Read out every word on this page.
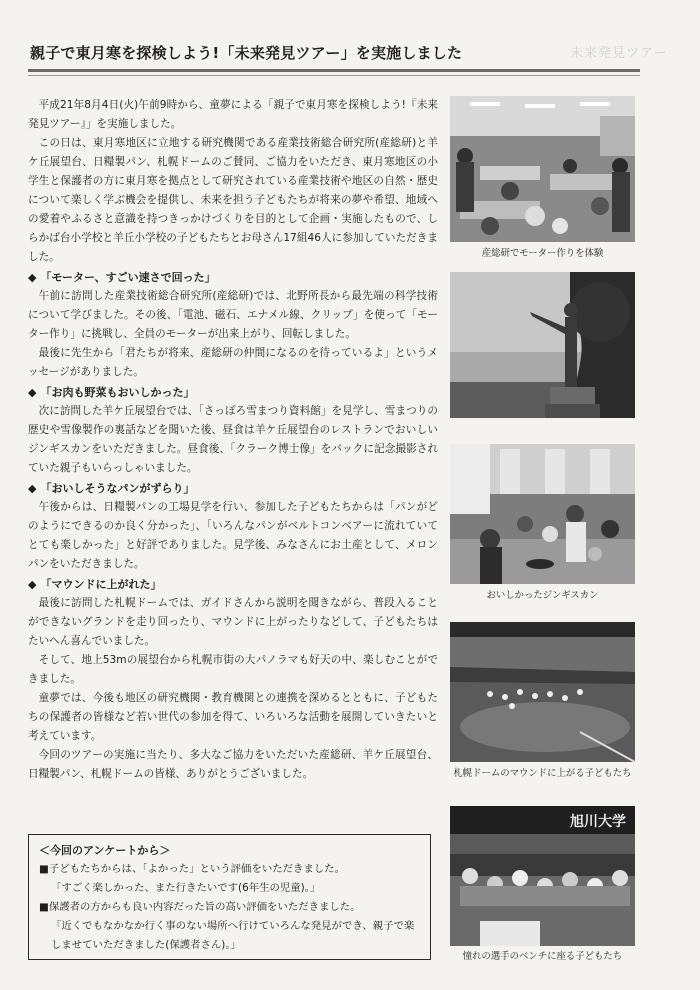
親子で東月寒を探検しよう!「未来発見ツアー」を実施しました	未来発見ツアー

平成21年8月4日(火)午前9時から、童夢による「親子で東月寒を探検しよう!『未来発見ツアー』」を実施しました。

この日は、東月寒地区に立地する研究機関である産業技術総合研究所(産総研)と羊ケ丘展望台、日糧製パン、札幌ドームのご賛同、ご協力をいただき、東月寒地区の小学生と保護者の方に東月寒を拠点として研究されている産業技術や地区の自然・歴史について楽しく学ぶ機会を提供し、未来を担う子どもたちが将来の夢や希望、地域への愛着やふるさと意識を持つきっかけづくりを目的として企画・実施したもので、しらかば台小学校と羊丘小学校の子どもたちとお母さん17組46人に参加していただきました。

◆ 「モーター、すごい速さで回った」

午前に訪問した産業技術総合研究所(産総研)では、北野所長から最先端の科学技術について学びました。その後、「電池、磁石、エナメル線、クリップ」を使って「モーター作り」に挑戦し、全員のモーターが出来上がり、回転しました。

最後に先生から「君たちが将来、産総研の仲間になるのを待っているよ」というメッセージがありました。

◆ 「お肉も野菜もおいしかった」

次に訪問した羊ケ丘展望台では、「さっぽろ雪まつり資料館」を見学し、雪まつりの歴史や雪像製作の裏話などを聞いた後、昼食は羊ケ丘展望台のレストランでおいしいジンギスカンをいただきました。昼食後、「クラーク博士像」をバックに記念撮影されていた親子もいらっしゃいました。

◆ 「おいしそうなパンがずらり」

午後からは、日糧製パンの工場見学を行い、参加した子どもたちからは「パンがどのようにできるのか良く分かった」、「いろんなパンがベルトコンベアーに流れていてとても楽しかった」と好評でありました。見学後、みなさんにお土産として、メロンパンをいただきました。

◆ 「マウンドに上がれた」

最後に訪問した札幌ドームでは、ガイドさんから説明を聞きながら、普段入ることができないグランドを走り回ったり、マウンドに上がったりなどして、子どもたちはたいへん喜んでいました。

そして、地上53mの展望台から札幌市街の大パノラマも好天の中、楽しむことができました。

童夢では、今後も地区の研究機関・教育機関との連携を深めるとともに、子どもたちの保護者の皆様など若い世代の参加を得て、いろいろな活動を展開していきたいと考えています。

今回のツアーの実施に当たり、多大なご協力をいただいた産総研、羊ケ丘展望台、日糧製パン、札幌ドームの皆様、ありがとうございました。

＜今回のアンケートから＞
■子どもたちからは、「よかった」という評価をいただきました。
「すごく楽しかった、また行きたいです(6年生の児童)。」
■保護者の方からも良い内容だった旨の高い評価をいただきました。
「近くでもなかなか行く事のない場所へ行けていろんな発見ができ、親子で楽しませていただきました(保護者さん)。」
産総研でモーター作りを体験
おいしかったジンギスカン
札幌ドームのマウンドに上がる子どもたち
旭川大学
憧れの選手のベンチに座る子どもたち
